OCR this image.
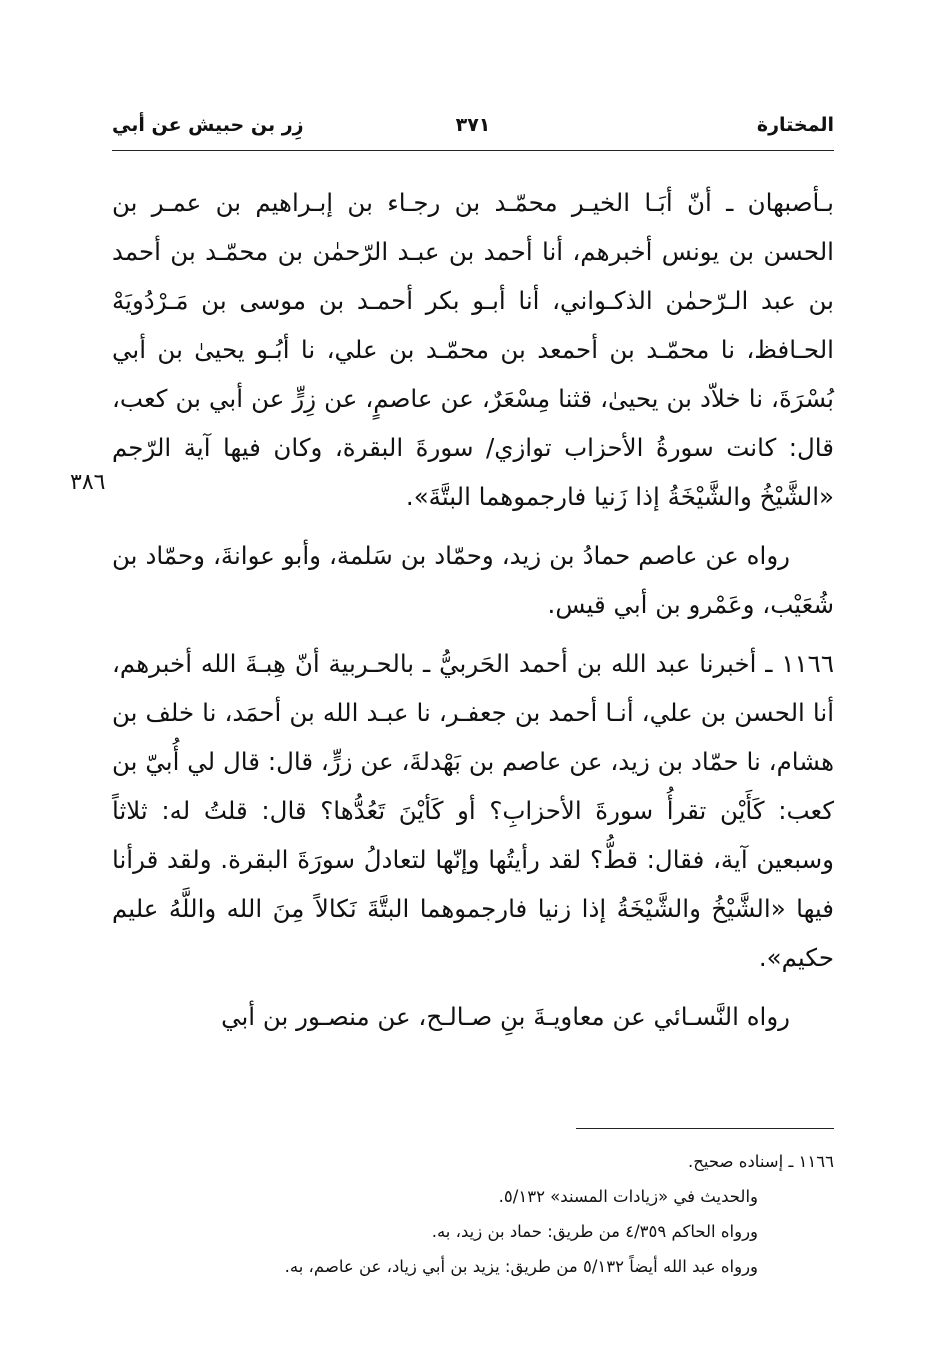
المختارة
٣٧١
زِر بن حبيش عن أبي

بـأصبهان ـ أنّ أبَـا الخيـر محمّـد بن رجـاء بن إبـراهيم بن عمـر بن الحسن بن يونس أخبرهم، أنا أحمد بن عبـد الرّحمٰن بن محمّـد بن أحمد بن عبد الـرّحمٰن الذكـواني، أنا أبـو بكر أحمـد بن موسى بن مَـرْدُويَهْ الحـافظ، نا محمّـد بن أحمعد بن محمّـد بن علي، نا أبُـو يحيىٰ بن أبي بُسْرَةَ، نا خلاّد بن يحيىٰ، قثنا مِسْعَرٌ، عن عاصمٍ، عن زِرٍّ عن أبي بن كعب، قال: كانت سورةُ الأحزاب توازي/ سورةَ البقرة، وكان فيها آية الرّجم «الشَّيْخُ والشَّيْخَةُ إذا زَنيا فارجموهما البتَّةَ».

رواه عن عاصم حمادُ بن زيد، وحمّاد بن سَلمة، وأبو عوانةَ، وحمّاد بن شُعَيْب، وعَمْرو بن أبي قيس.

١١٦٦ ـ أخبرنا عبد الله بن أحمد الحَربيُّ ـ بالحـربية أنّ هِبـةَ الله أخبرهم، أنا الحسن بن علي، أنـا أحمد بن جعفـر، نا عبـد الله بن أحمَد، نا خلف بن هشام، نا حمّاد بن زيد، عن عاصم بن بَهْدلةَ، عن زرٍّ، قال: قال لي أُبيّ بن كعب: كَأَيْن تقرأُ سورةَ الأحزابِ؟ أو كَأيْنَ تَعُدُّها؟ قال: قلتُ له: ثلاثاً وسبعين آية، فقال: قطُّ؟ لقد رأيتُها وإنّها لتعادلُ سورَةَ البقرة. ولقد قرأنا فيها «الشَّيْخُ والشَّيْخَةُ إذا زنيا فارجموهما البتَّةَ نَكالاً مِنَ الله واللَّهُ عليم حكيم».

رواه النَّسـائي عن معاويـةَ بنِ صـالـح، عن منصـور بن أبي

٣٨٦

١١٦٦ ـ إسناده صحيح.

والحديث في «زيادات المسند» ٥/١٣٢.

ورواه الحاكم ٤/٣٥٩ من طريق: حماد بن زيد، به.

ورواه عبد الله أيضاً ٥/١٣٢ من طريق: يزيد بن أبي زياد، عن عاصم، به.
